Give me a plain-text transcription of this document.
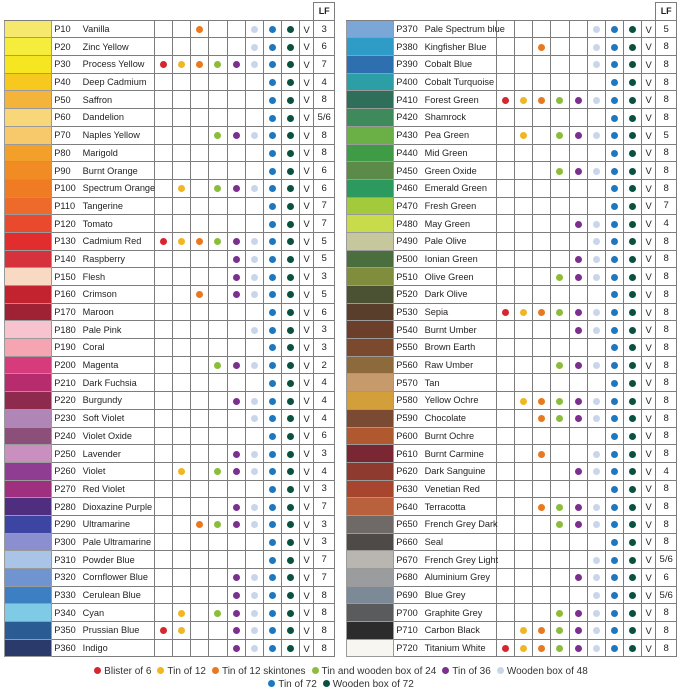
												LF
	P10	Vanilla									V	3
	P20	Zinc Yellow									V	6
	P30	Process Yellow									V	7
	P40	Deep Cadmium									V	4
	P50	Saffron									V	8
	P60	Dandelion									V	5/6
	P70	Naples Yellow									V	8
	P80	Marigold									V	8
	P90	Burnt Orange									V	6
	P100	Spectrum Orange									V	6
	P110	Tangerine									V	7
	P120	Tomato									V	7
	P130	Cadmium Red									V	5
	P140	Raspberry									V	5
	P150	Flesh									V	3
	P160	Crimson									V	5
	P170	Maroon									V	6
	P180	Pale Pink									V	3
	P190	Coral									V	3
	P200	Magenta									V	2
	P210	Dark Fuchsia									V	4
	P220	Burgundy									V	4
	P230	Soft Violet									V	4
	P240	Violet Oxide									V	6
	P250	Lavender									V	3
	P260	Violet									V	4
	P270	Red Violet									V	3
	P280	Dioxazine Purple									V	7
	P290	Ultramarine									V	3
	P300	Pale Ultramarine									V	3
	P310	Powder Blue									V	7
	P320	Cornflower Blue									V	7
	P330	Cerulean Blue									V	8
	P340	Cyan									V	8
	P350	Prussian Blue									V	8
	P360	Indigo									V	8
												LF
	P370	Pale Spectrum blue									V	5
	P380	Kingfisher Blue									V	8
	P390	Cobalt Blue									V	8
	P400	Cobalt Turquoise									V	8
	P410	Forest Green									V	8
	P420	Shamrock									V	8
	P430	Pea Green									V	5
	P440	Mid Green									V	8
	P450	Green Oxide									V	8
	P460	Emerald Green									V	8
	P470	Fresh Green									V	7
	P480	May Green									V	4
	P490	Pale Olive									V	8
	P500	Ionian Green									V	8
	P510	Olive Green									V	8
	P520	Dark Olive									V	8
	P530	Sepia									V	8
	P540	Burnt Umber									V	8
	P550	Brown Earth									V	8
	P560	Raw Umber									V	8
	P570	Tan									V	8
	P580	Yellow Ochre									V	8
	P590	Chocolate									V	8
	P600	Burnt Ochre									V	8
	P610	Burnt Carmine									V	8
	P620	Dark Sanguine									V	4
	P630	Venetian Red									V	8
	P640	Terracotta									V	8
	P650	French Grey Dark									V	8
	P660	Seal									V	8
	P670	French Grey Light									V	5/6
	P680	Aluminium Grey									V	6
	P690	Blue Grey									V	5/6
	P700	Graphite Grey									V	8
	P710	Carbon Black									V	8
	P720	Titanium White									V	8
Blister of 6 Tin of 12 Tin of 12 skintones Tin and wooden box of 24 Tin of 36 Wooden box of 48
Tin of 72 Wooden box of 72
